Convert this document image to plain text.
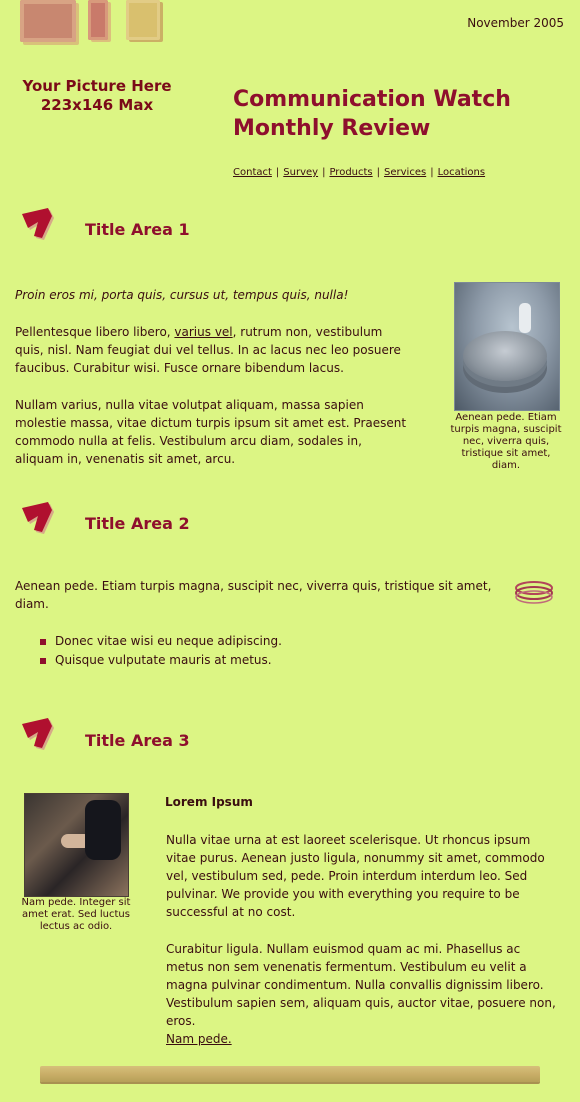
November 2005
Your Picture Here
223x146 Max	Communication Watch
Monthly Review
Contact | Survey | Products | Services | Locations
Title Area 1
Proin eros mi, porta quis, cursus ut, tempus quis, nulla!
Pellentesque libero libero, varius vel, rutrum non, vestibulum quis, nisl. Nam feugiat dui vel tellus. In ac lacus nec leo posuere faucibus. Curabitur wisi. Fusce ornare bibendum lacus.
Nullam varius, nulla vitae volutpat aliquam, massa sapien molestie massa, vitae dictum turpis ipsum sit amet est. Praesent commodo nulla at felis. Vestibulum arcu diam, sodales in, aliquam in, venenatis sit amet, arcu.
Aenean pede. Etiam turpis magna, suscipit nec, viverra quis, tristique sit amet, diam.
Title Area 2
Aenean pede. Etiam turpis magna, suscipit nec, viverra quis, tristique sit amet, diam.
Donec vitae wisi eu neque adipiscing.
Quisque vulputate mauris at metus.
Title Area 3
Nam pede. Integer sit amet erat. Sed luctus lectus ac odio.
Lorem Ipsum
Nulla vitae urna at est laoreet scelerisque. Ut rhoncus ipsum vitae purus. Aenean justo ligula, nonummy sit amet, commodo vel, vestibulum sed, pede. Proin interdum interdum leo. Sed pulvinar. We provide you with everything you require to be successful at no cost.
Curabitur ligula. Nullam euismod quam ac mi. Phasellus ac metus non sem venenatis fermentum. Vestibulum eu velit a magna pulvinar condimentum. Nulla convallis dignissim libero. Vestibulum sapien sem, aliquam quis, auctor vitae, posuere non, eros.
Nam pede.
